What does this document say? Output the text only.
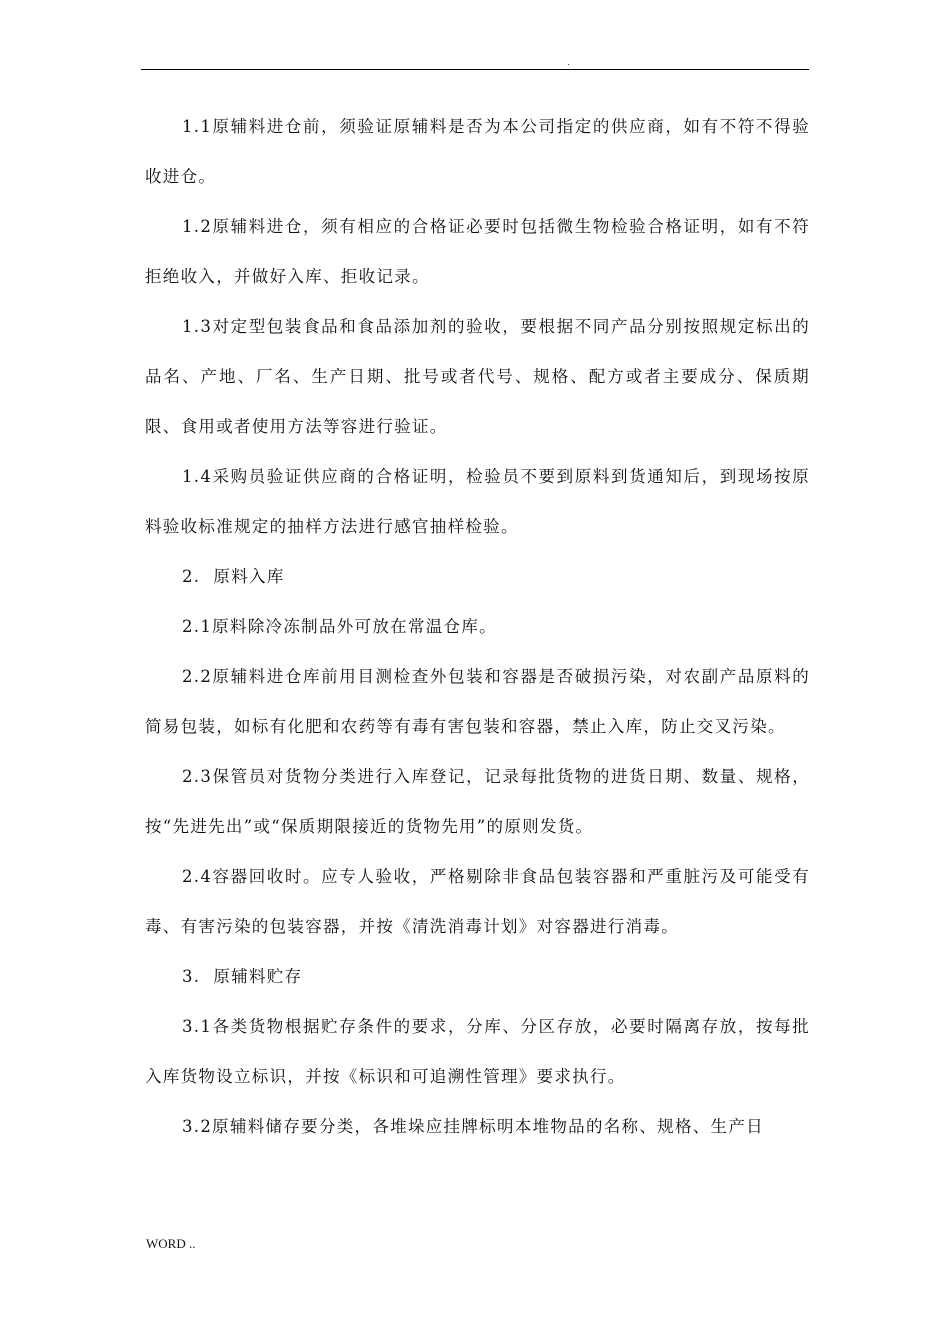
.

1.1原辅料进仓前，须验证原辅料是否为本公司指定的供应商，如有不符不得验收进仓。

1.2原辅料进仓，须有相应的合格证必要时包括微生物检验合格证明，如有不符拒绝收入，并做好入库、拒收记录。

1.3对定型包装食品和食品添加剂的验收，要根据不同产品分别按照规定标出的品名、产地、厂名、生产日期、批号或者代号、规格、配方或者主要成分、保质期限、食用或者使用方法等容进行验证。

1.4采购员验证供应商的合格证明，检验员不要到原料到货通知后，到现场按原料验收标准规定的抽样方法进行感官抽样检验。

2.  原料入库

2.1原料除冷冻制品外可放在常温仓库。

2.2原辅料进仓库前用目测检查外包装和容器是否破损污染，对农副产品原料的简易包装，如标有化肥和农药等有毒有害包装和容器，禁止入库，防止交叉污染。

2.3保管员对货物分类进行入库登记，记录每批货物的进货日期、数量、规格，按“先进先出”或“保质期限接近的货物先用”的原则发货。

2.4容器回收时。应专人验收，严格剔除非食品包装容器和严重脏污及可能受有毒、有害污染的包装容器，并按《清洗消毒计划》对容器进行消毒。

3.  原辅料贮存

3.1各类货物根据贮存条件的要求，分库、分区存放，必要时隔离存放，按每批入库货物设立标识，并按《标识和可追溯性管理》要求执行。

3.2原辅料储存要分类，各堆垛应挂牌标明本堆物品的名称、规格、生产日

WORD ..
